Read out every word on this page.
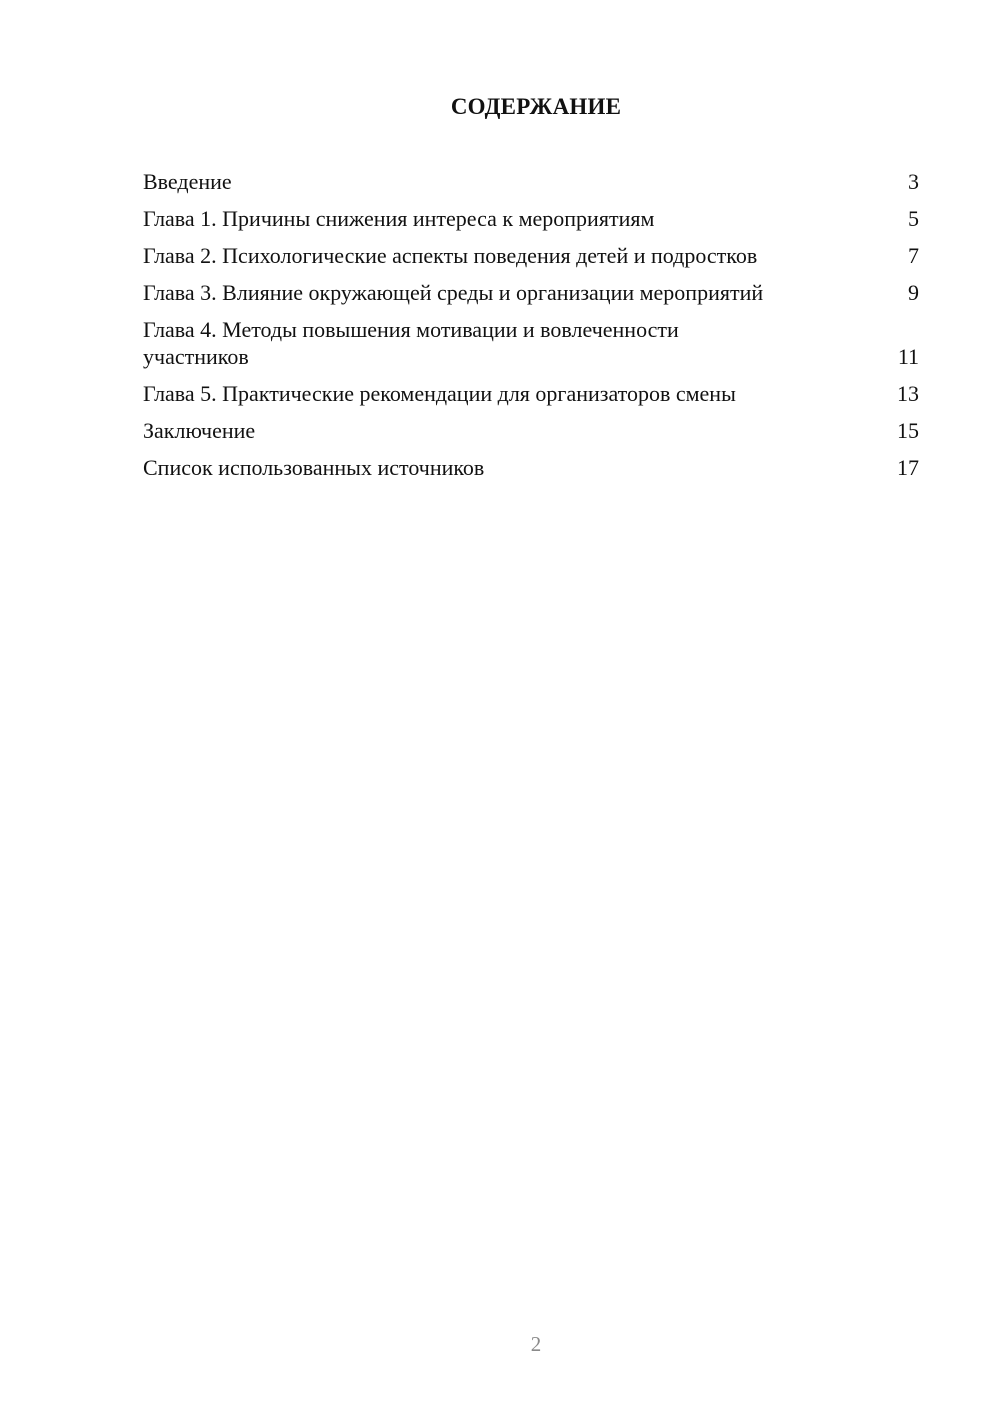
СОДЕРЖАНИЕ
Введение	3
Глава 1. Причины снижения интереса к мероприятиям	5
Глава 2. Психологические аспекты поведения детей и подростков	7
Глава 3. Влияние окружающей среды и организации мероприятий	9
Глава 4. Методы повышения мотивации и вовлеченности участников	11
Глава 5. Практические рекомендации для организаторов смены	13
Заключение	15
Список использованных источников	17
2
